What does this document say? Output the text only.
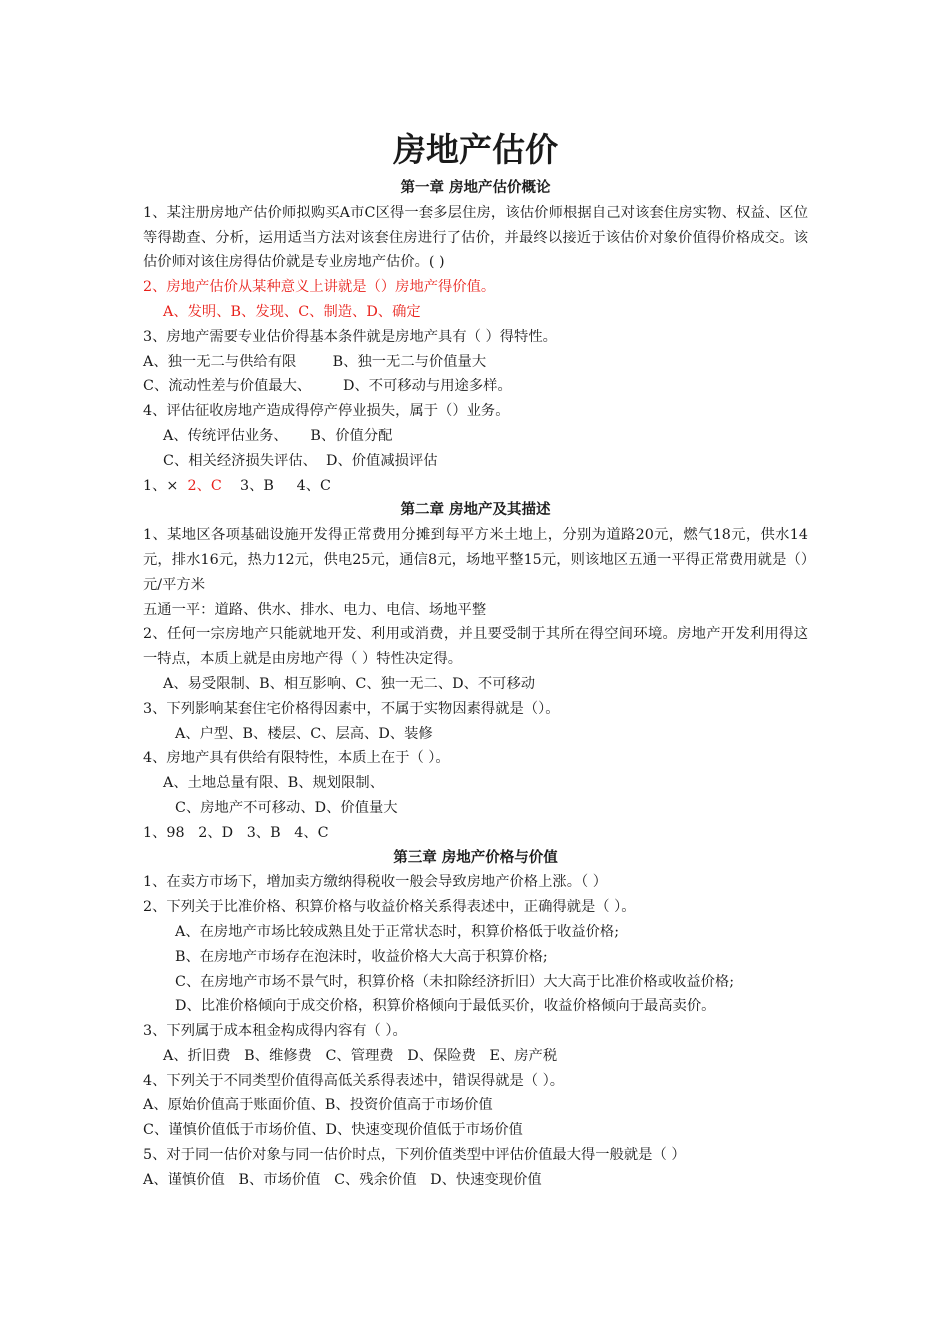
房地产估价
第一章 房地产估价概论

1、某注册房地产估价师拟购买A市C区得一套多层住房，该估价师根据自己对该套住房实物、权益、区位等得勘查、分析，运用适当方法对该套住房进行了估价，并最终以接近于该估价对象价值得价格成交。该估价师对该住房得估价就是专业房地产估价。( )

2、房地产估价从某种意义上讲就是（）房地产得价值。

A、发明、B、发现、C、制造、D、确定

3、房地产需要专业估价得基本条件就是房地产具有（ ）得特性。

A、独一无二与供给有限        B、独一无二与价值量大

C、流动性差与价值最大、       D、不可移动与用途多样。

4、评估征收房地产造成得停产停业损失，属于（）业务。

A、传统评估业务、     B、价值分配

C、相关经济损失评估、  D、价值减损评估

1、×  2、C    3、B     4、C

第二章 房地产及其描述

1、某地区各项基础设施开发得正常费用分摊到每平方米土地上，分别为道路20元，燃气18元，供水14元，排水16元，热力12元，供电25元，通信8元，场地平整15元，则该地区五通一平得正常费用就是（）元/平方米

五通一平：道路、供水、排水、电力、电信、场地平整

2、任何一宗房地产只能就地开发、利用或消费，并且要受制于其所在得空间环境。房地产开发利用得这一特点，本质上就是由房地产得（ ）特性决定得。

A、易受限制、B、相互影响、C、独一无二、D、不可移动

3、下列影响某套住宅价格得因素中，不属于实物因素得就是（）。

A、户型、B、楼层、C、层高、D、装修

4、房地产具有供给有限特性，本质上在于（ ）。

A、土地总量有限、B、规划限制、

C、房地产不可移动、D、价值量大

1、98   2、D   3、B   4、C

第三章 房地产价格与价值

1、在卖方市场下，增加卖方缴纳得税收一般会导致房地产价格上涨。（ ）

2、下列关于比准价格、积算价格与收益价格关系得表述中，正确得就是（ ）。

A、在房地产市场比较成熟且处于正常状态时，积算价格低于收益价格;

B、在房地产市场存在泡沫时，收益价格大大高于积算价格;

C、在房地产市场不景气时，积算价格（未扣除经济折旧）大大高于比准价格或收益价格;

D、比准价格倾向于成交价格，积算价格倾向于最低买价，收益价格倾向于最高卖价。

3、下列属于成本租金构成得内容有（ ）。

A、折旧费   B、维修费   C、管理费   D、保险费   E、房产税

4、下列关于不同类型价值得高低关系得表述中，错误得就是（ ）。

A、原始价值高于账面价值、B、投资价值高于市场价值

C、谨慎价值低于市场价值、D、快速变现价值低于市场价值

5、对于同一估价对象与同一估价时点，下列价值类型中评估价值最大得一般就是（ ）

A、谨慎价值   B、市场价值   C、残余价值   D、快速变现价值
